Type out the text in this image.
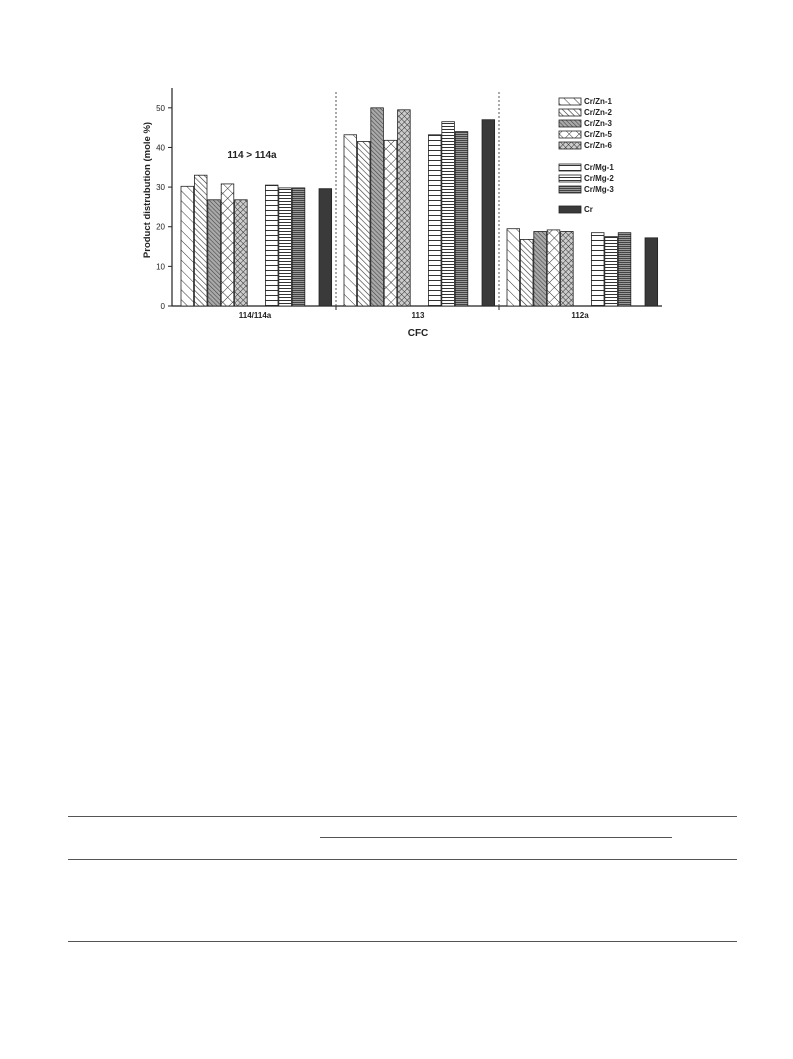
0
10
20
30
40
50
114/114a	113	112a
114 > 114a
CFC
Product distrubution (mole %)
Cr/Zn-1
Cr/Zn-2
Cr/Zn-3
Cr/Zn-5
Cr/Zn-6
Cr/Mg-1
Cr/Mg-2
Cr/Mg-3
Cr
